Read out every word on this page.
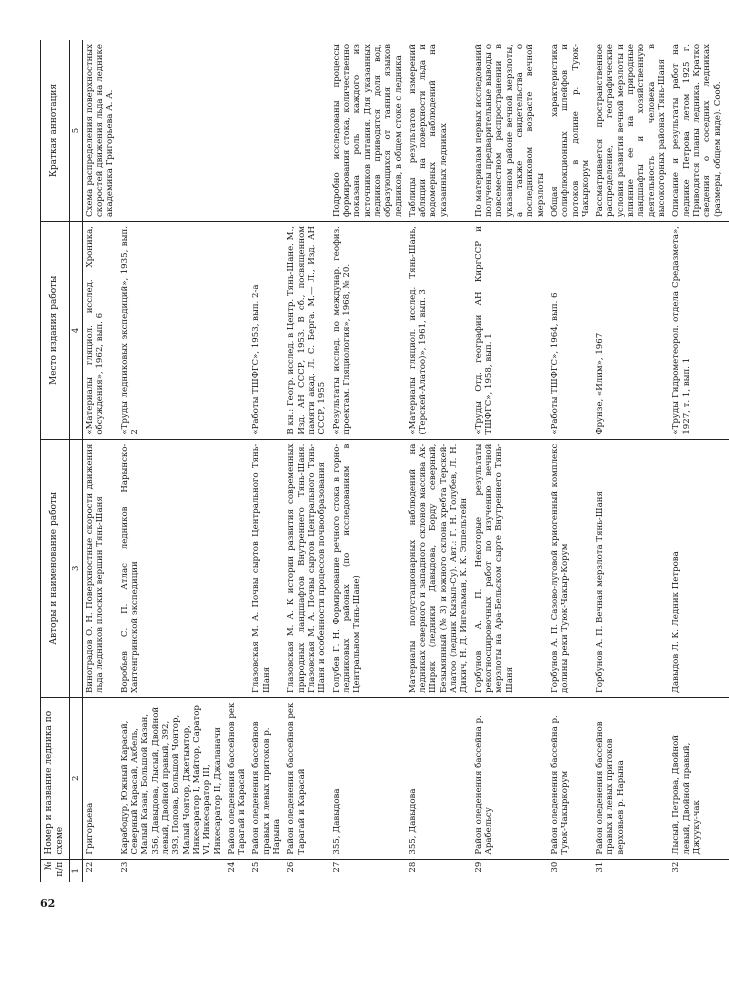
62
№ п/п	Номер и название ледника по схеме	Авторы и наименование работы	Место издания работы	Краткая аннотация
1	2	3	4	5
22	Григорьева	Виноградов О. Н. Поверхностные скорости движения льда ледников плоских вершин Тянь-Шаня	«Материалы гляциол. исслед. Хроника, обсуждения», 1962, вып. 6	Схема распределения поверхностных скоростей движения льда на леднике академика Григорьева А. А.
23	Карабодур, Южный Карасай, Северный Карасай, Акбель, Малый Казан, Большой Казан, 356, Давыдова, Лысый, Двойной левый, Двойной правый, 392, 393, Попова, Большой Чонтор, Малый Чонтор, Джетымтор, Инкесаратор I, Майтор, Саратор VI, Инкесаратор III, Инкесаратор II, Джаланачи	Воробьев С. П. Атлас ледников Нарынско-Хантенгринской экспедиции	«Труды ледниковых экспедиций», 1935, вып. 2	
24	Район оледенения бассейнов рек Тарагай и Карасай			
25	Район оледенения бассейнов правых и левых притоков р. Нарына	Глазовская М. А. Почвы сыртов Центрального Тянь-Шаня	«Работы ТШФГС», 1953, вып. 2-а	
26	Район оледенения бассейнов рек Тарагай и Карасай	Глазовская М. А. К истории развития современных природных ландшафтов Внутреннего Тянь-Шаня. Глазовская М. А. Почвы сыртов Центрального Тянь-Шаня и особенности процессов почвообразования	В кн.: Геогр. исслед. в Центр. Тянь-Шане. М., Изд. АН СССР, 1953. В сб., посвященном памяти акад. Л. С. Берга. М.— Л., Изд. АН СССР, 1955	
27	355, Давыдова	Голубев Г. Н. Формирование речного стока в горно-ледниковых районах (по исследованиям в Центральном Тянь-Шане)	«Результаты исслед. по междунар. геофиз. проектам. Гляциология», 1968, № 20.	Подробно исследованы процессы формирования стока, количественно показана роль каждого из источников питания. Для указанных ледников приводятся доля вод, образующихся от таяния языков ледников, в общем стоке с ледника
28	355, Давыдова	Материалы полустационарных наблюдений на ледниках северного и западного склонов массива Ак-Ширяк (ледники Давыдова, Бордy северный, Безымянный (№ 3) и южного склона хребта Терскей-Алатоо (ледник Кызыл-Су). Авт.: Г. Н. Голубев, Л. Н. Дикич, Н. Д. Ингельман, К. К. Эппельтейн	«Материалы гляциол. исслед. Тянь-Шань, (Терскей-Алатоо)», 1961, вып. 3	Таблицы результатов измерений абляции на поверхности льда и водомерных наблюдений на указанных ледниках
29	Район оледенения бассейна р. Арабельсу	Горбунов А. П. Некоторые результаты рекогносцировочных работ по изучению вечной мерзлоты на Ара-Бельском сырте Внутреннего Тянь-Шаня	«Труды Отд. географии АН КиргССР и ТШФГС», 1958, вып. 1	По материалам первых исследований получены предварительные выводы о повсеместном распространении в указанном районе вечной мерзлоты, а также свидетельства о последниковом возрасте вечной мерзлоты
30	Район оледенения бассейна р. Туюк-Чакыркорум	Горбунов А. П. Сазово-луговой криогенный комплекс долины реки Туюк-Чакыр-Корум	«Работы ТШФГС», 1964, вып. 6	Общая характеристика солифлюкционных шлейфов и потоков в долине р. Туюк-Чакыркорум
31	Район оледенения бассейнов правых и левых притоков верховьев р. Нарына	Горбунов А. П. Вечная мерзлота Тянь-Шаня	Фрунзе, «Илим», 1967	Рассматривается пространственное распределение, географические условия развития вечной мерзлоты и влияние ее на природные ландшафты и хозяйственную деятельность человека в высокогорных районах Тянь-Шаня
32	Лысый, Петрова, Двойной левый, Двойной правый, Джууку-чак	Давыдов Л. К. Ледник Петрова	«Труды Гидрометеорол. отдела Средазмета», 1927, т. 1, вып. 1	Описание и результаты работ на леднике Петрова летом 1925 г. Приводятся планы ледника. Кратко сведения о соседних ледниках (размеры, общем виде). Сооб.
